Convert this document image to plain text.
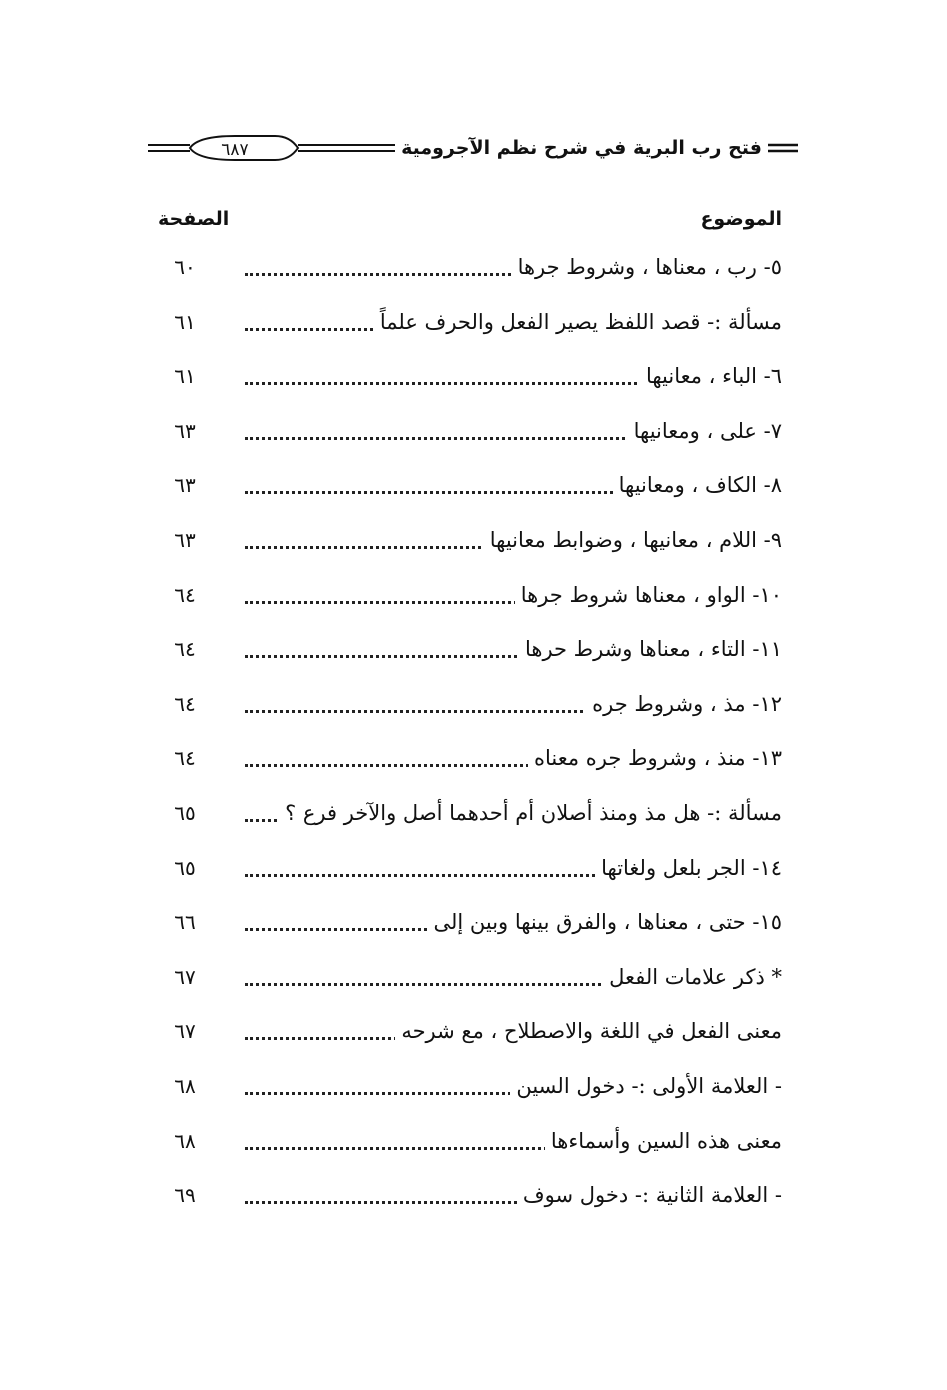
٦٨٧	فتح رب البرية في شرح نظم الآجرومية
الموضوع
الصفحة
٥- رب ، معناها ، وشروط جرها
٦٠
مسألة :- قصد اللفظ يصير الفعل والحرف علماً
٦١
٦- الباء ، معانيها
٦١
٧- على ، ومعانيها
٦٣
٨- الكاف ، ومعانيها
٦٣
٩- اللام ، معانيها ، وضوابط معانيها
٦٣
١٠- الواو ، معناها شروط جرها
٦٤
١١- التاء ، معناها وشرط حرها
٦٤
١٢- مذ ، وشروط جره
٦٤
١٣- منذ ، وشروط جره معناه
٦٤
مسألة :- هل مذ ومنذ أصلان أم أحدهما أصل والآخر فرع ؟
٦٥
١٤- الجر بلعل ولغاتها
٦٥
١٥- حتى ، معناها ، والفرق بينها وبين إلى
٦٦
* ذكر علامات الفعل
٦٧
معنى الفعل في اللغة والاصطلاح ، مع شرحه
٦٧
- العلامة الأولى :- دخول السين
٦٨
معنى هذه السين وأسماءها
٦٨
- العلامة الثانية :- دخول سوف
٦٩
